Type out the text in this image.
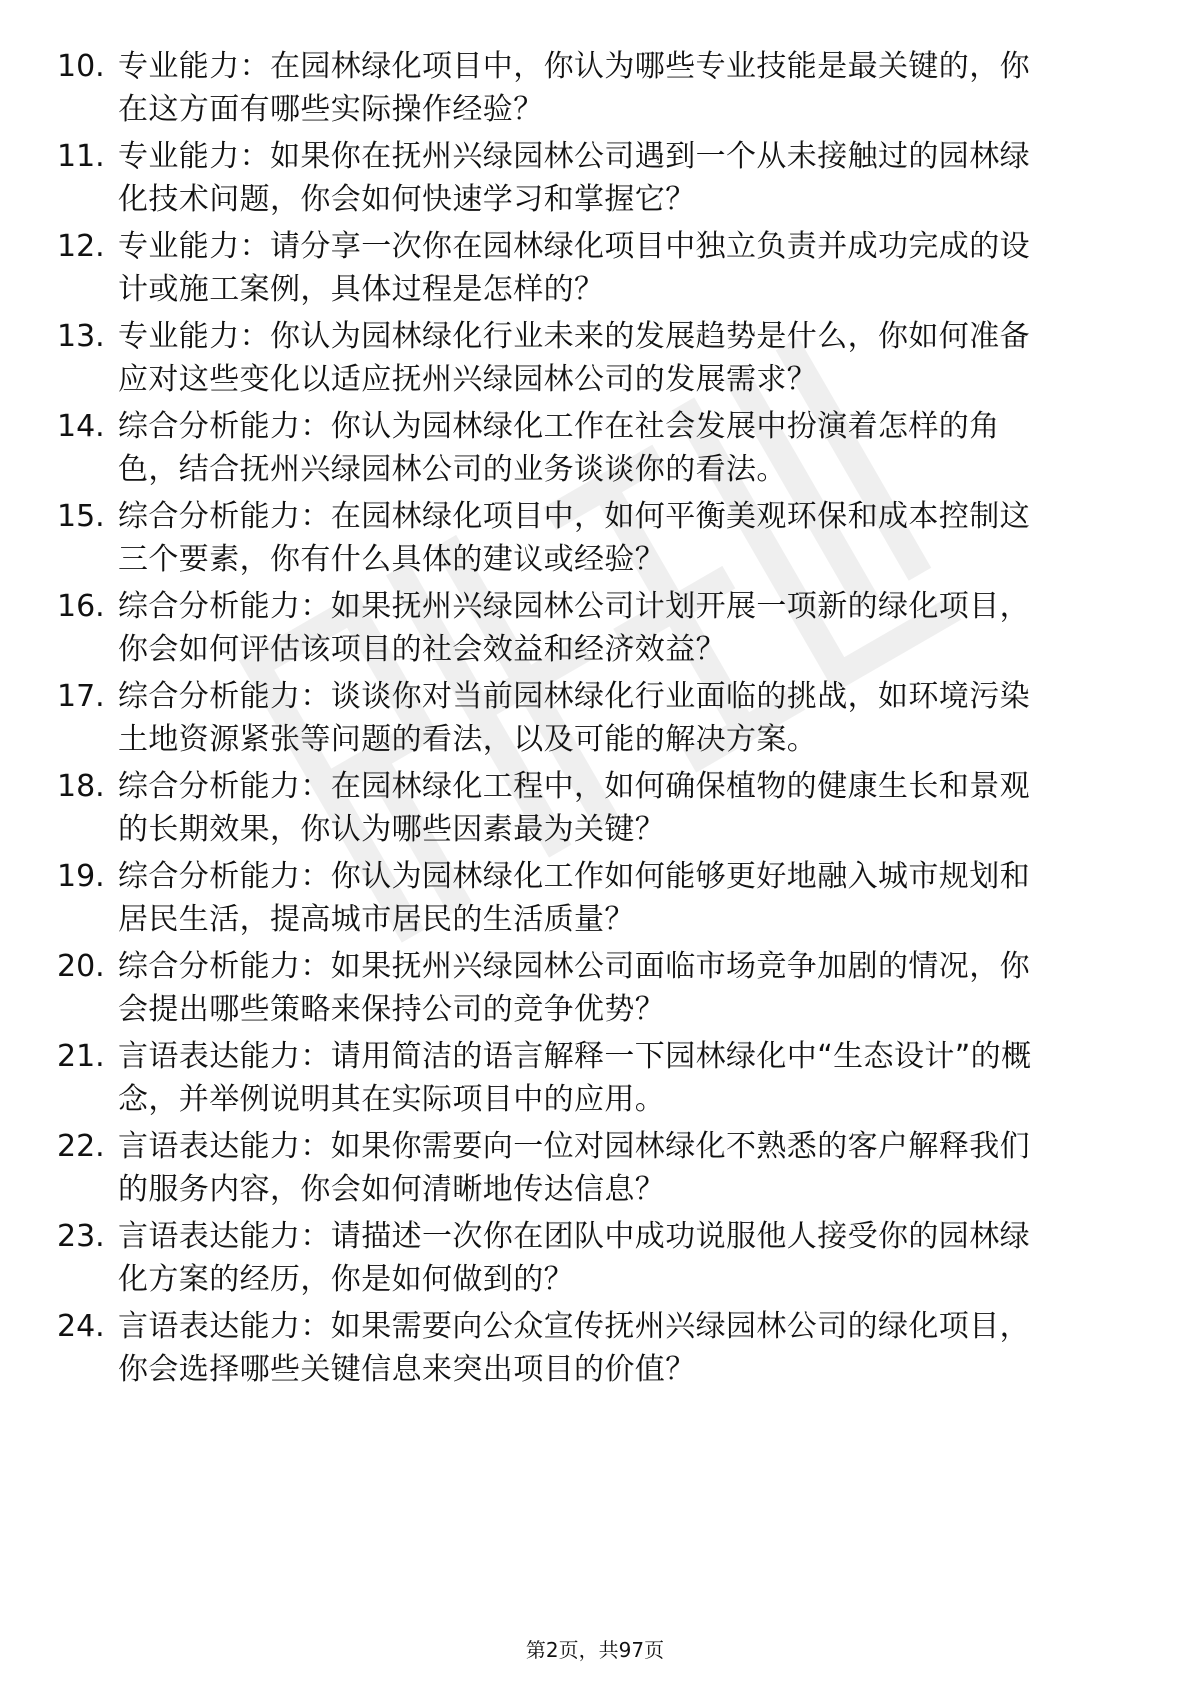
10. 专业能力：在园林绿化项目中，你认为哪些专业技能是最关键的，你在这方面有哪些实际操作经验？
11. 专业能力：如果你在抚州兴绿园林公司遇到一个从未接触过的园林绿化技术问题，你会如何快速学习和掌握它？
12. 专业能力：请分享一次你在园林绿化项目中独立负责并成功完成的设计或施工案例，具体过程是怎样的？
13. 专业能力：你认为园林绿化行业未来的发展趋势是什么，你如何准备应对这些变化以适应抚州兴绿园林公司的发展需求？
14. 综合分析能力：你认为园林绿化工作在社会发展中扮演着怎样的角色，结合抚州兴绿园林公司的业务谈谈你的看法。
15. 综合分析能力：在园林绿化项目中，如何平衡美观环保和成本控制这三个要素，你有什么具体的建议或经验？
16. 综合分析能力：如果抚州兴绿园林公司计划开展一项新的绿化项目，你会如何评估该项目的社会效益和经济效益？
17. 综合分析能力：谈谈你对当前园林绿化行业面临的挑战，如环境污染土地资源紧张等问题的看法，以及可能的解决方案。
18. 综合分析能力：在园林绿化工程中，如何确保植物的健康生长和景观的长期效果，你认为哪些因素最为关键？
19. 综合分析能力：你认为园林绿化工作如何能够更好地融入城市规划和居民生活，提高城市居民的生活质量？
20. 综合分析能力：如果抚州兴绿园林公司面临市场竞争加剧的情况，你会提出哪些策略来保持公司的竞争优势？
21. 言语表达能力：请用简洁的语言解释一下园林绿化中“生态设计”的概念，并举例说明其在实际项目中的应用。
22. 言语表达能力：如果你需要向一位对园林绿化不熟悉的客户解释我们的服务内容，你会如何清晰地传达信息？
23. 言语表达能力：请描述一次你在团队中成功说服他人接受你的园林绿化方案的经历，你是如何做到的？
24. 言语表达能力：如果需要向公众宣传抚州兴绿园林公司的绿化项目，你会选择哪些关键信息来突出项目的价值？
第2页，共97页
